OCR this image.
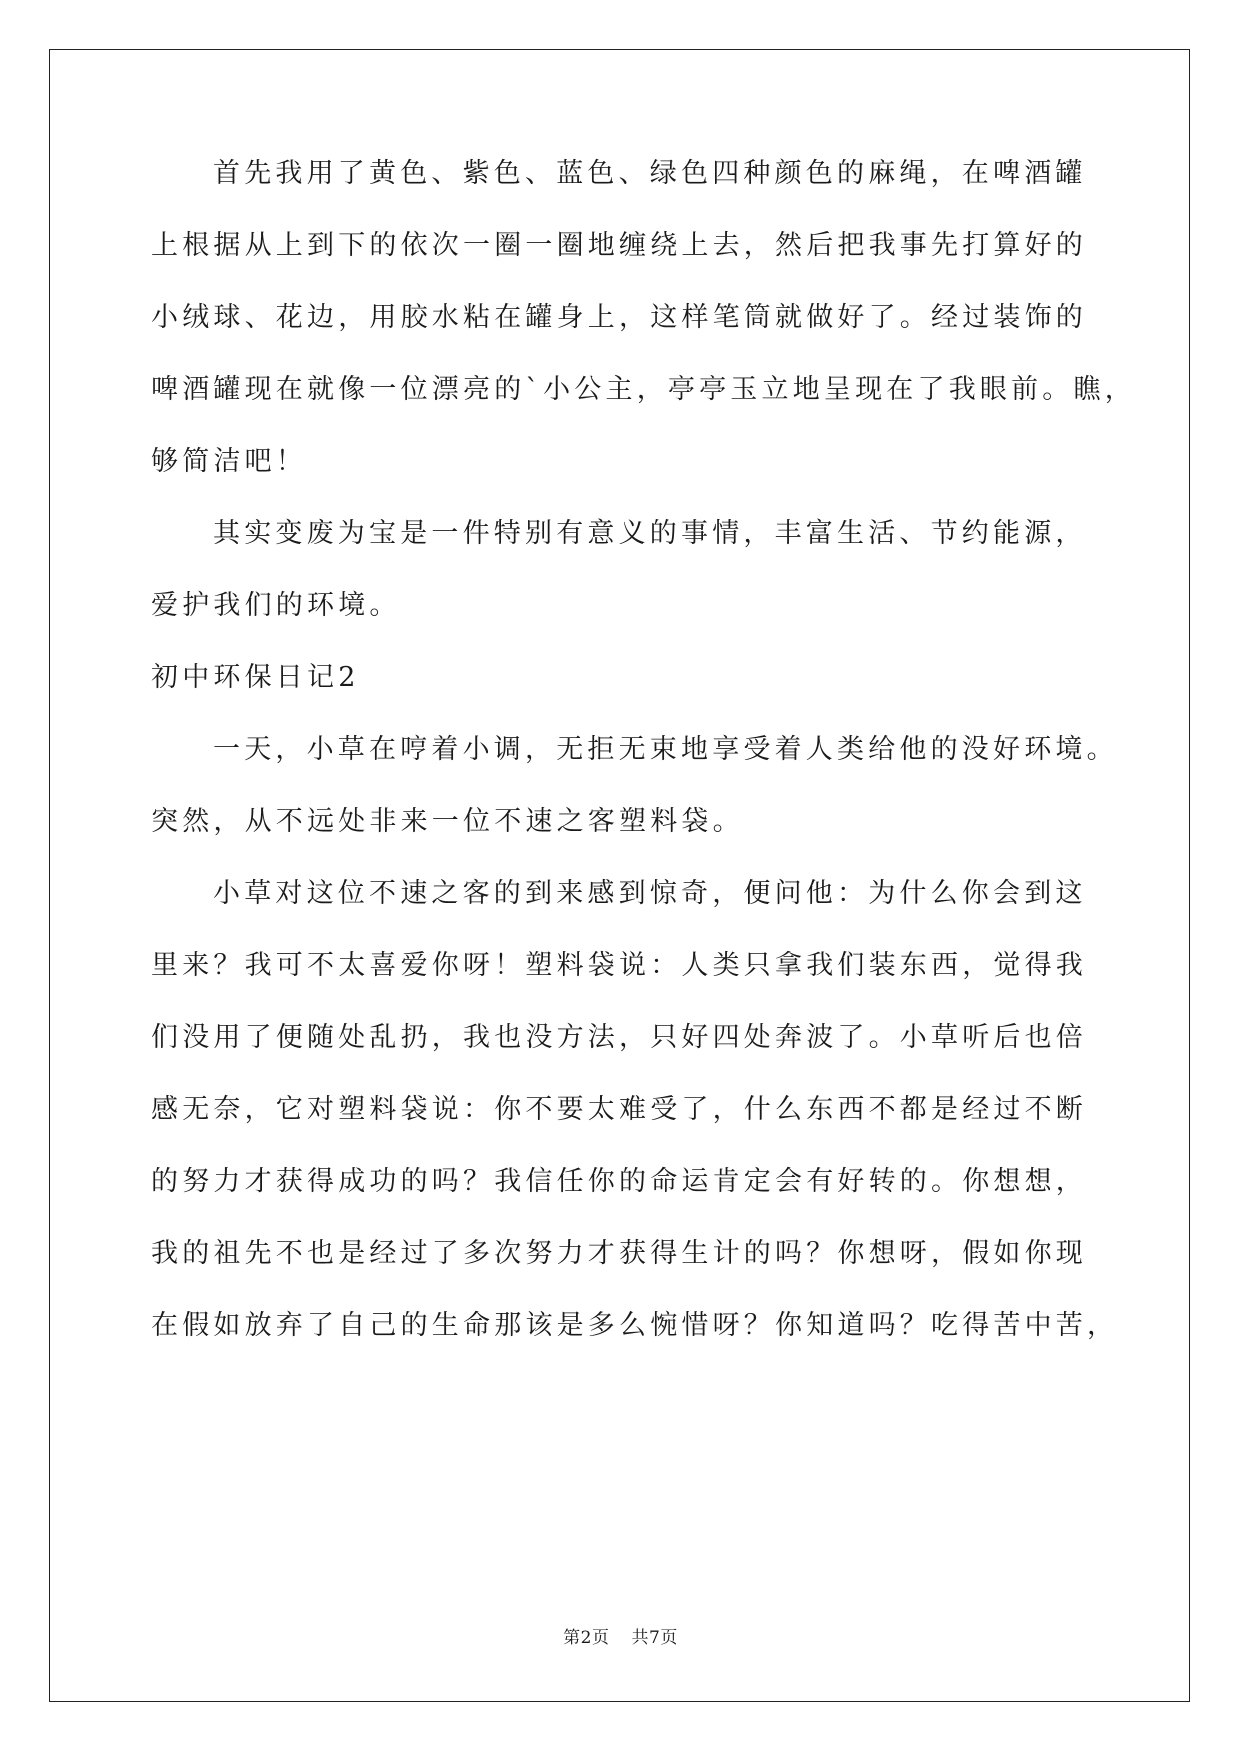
首先我用了黄色、紫色、蓝色、绿色四种颜色的麻绳，在啤酒罐
上根据从上到下的依次一圈一圈地缠绕上去，然后把我事先打算好的
小绒球、花边，用胶水粘在罐身上，这样笔筒就做好了。经过装饰的
啤酒罐现在就像一位漂亮的`小公主，亭亭玉立地呈现在了我眼前。瞧，
够简洁吧！
其实变废为宝是一件特别有意义的事情，丰富生活、节约能源，
爱护我们的环境。
初中环保日记2
一天，小草在哼着小调，无拒无束地享受着人类给他的没好环境。
突然，从不远处非来一位不速之客塑料袋。
小草对这位不速之客的到来感到惊奇，便问他：为什么你会到这
里来？我可不太喜爱你呀！塑料袋说：人类只拿我们装东西，觉得我
们没用了便随处乱扔，我也没方法，只好四处奔波了。小草听后也倍
感无奈，它对塑料袋说：你不要太难受了，什么东西不都是经过不断
的努力才获得成功的吗？我信任你的命运肯定会有好转的。你想想，
我的祖先不也是经过了多次努力才获得生计的吗？你想呀，假如你现
在假如放弃了自己的生命那该是多么惋惜呀？你知道吗？吃得苦中苦，
第2页 共7页
